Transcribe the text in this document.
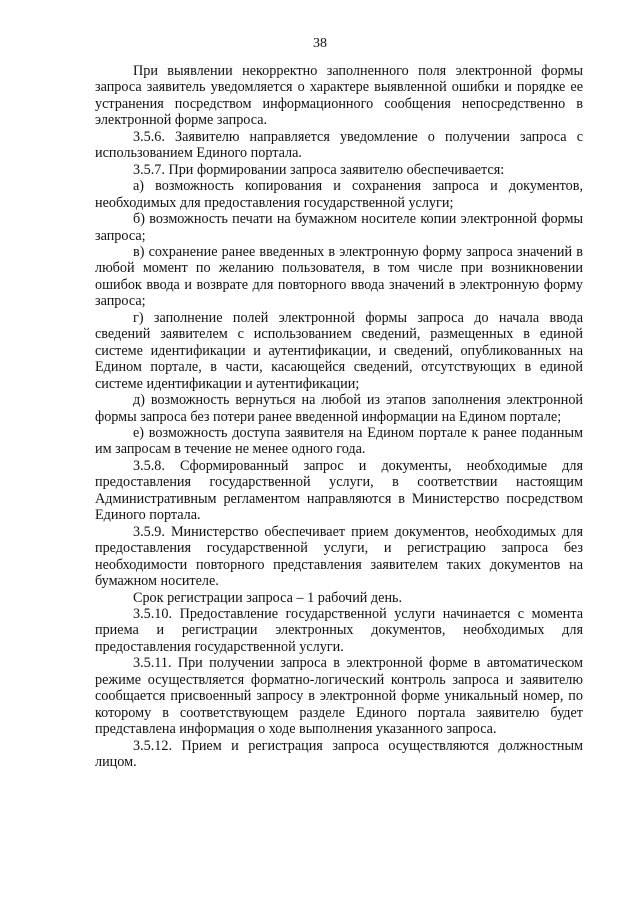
38

При выявлении некорректно заполненного поля электронной формы запроса заявитель уведомляется о характере выявленной ошибки и порядке ее устранения посредством информационного сообщения непосредственно в электронной форме запроса.

3.5.6. Заявителю направляется уведомление о получении запроса с использованием Единого портала.

3.5.7. При формировании запроса заявителю обеспечивается:

а) возможность копирования и сохранения запроса и документов, необходимых для предоставления государственной услуги;

б) возможность печати на бумажном носителе копии электронной формы запроса;

в) сохранение ранее введенных в электронную форму запроса значений в любой момент по желанию пользователя, в том числе при возникновении ошибок ввода и возврате для повторного ввода значений в электронную форму запроса;

г) заполнение полей электронной формы запроса до начала ввода сведений заявителем с использованием сведений, размещенных в единой системе идентификации и аутентификации, и сведений, опубликованных на Едином портале, в части, касающейся сведений, отсутствующих в единой системе идентификации и аутентификации;

д) возможность вернуться на любой из этапов заполнения электронной формы запроса без потери ранее введенной информации на Едином портале;

е) возможность доступа заявителя на Едином портале к ранее поданным им запросам в течение не менее одного года.

3.5.8. Сформированный запрос и документы, необходимые для предоставления государственной услуги, в соответствии настоящим Административным регламентом направляются в Министерство посредством Единого портала.

3.5.9. Министерство обеспечивает прием документов, необходимых для предоставления государственной услуги, и регистрацию запроса без необходимости повторного представления заявителем таких документов на бумажном носителе.

Срок регистрации запроса – 1 рабочий день.

3.5.10. Предоставление государственной услуги начинается с момента приема и регистрации электронных документов, необходимых для предоставления государственной услуги.

3.5.11. При получении запроса в электронной форме в автоматическом режиме осуществляется форматно-логический контроль запроса и заявителю сообщается присвоенный запросу в электронной форме уникальный номер, по которому в соответствующем разделе Единого портала заявителю будет представлена информация о ходе выполнения указанного запроса.

3.5.12. Прием и регистрация запроса осуществляются должностным лицом.
